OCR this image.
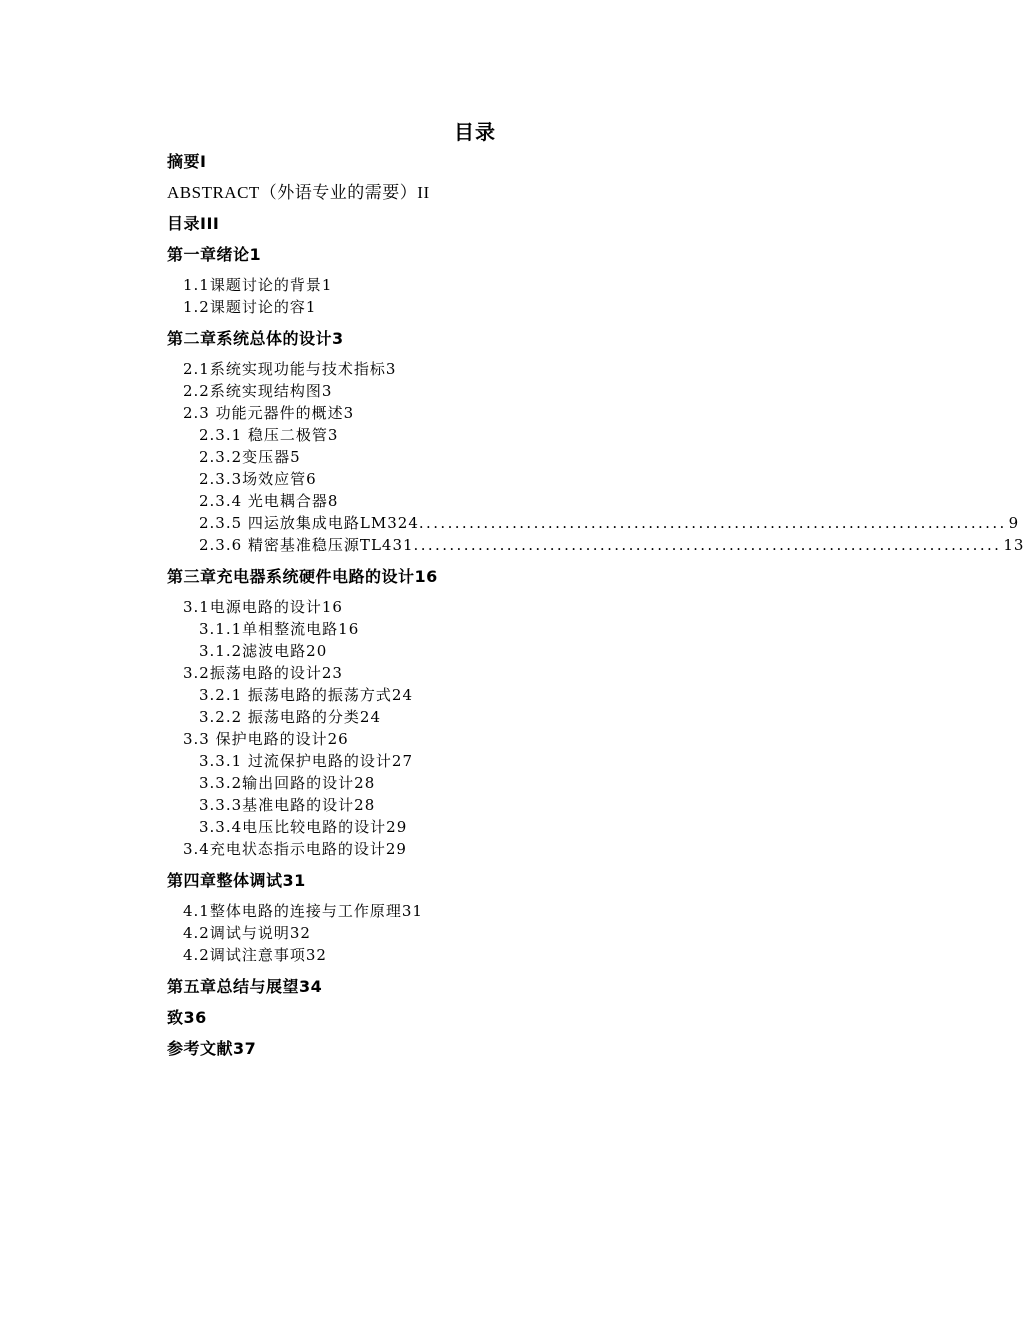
目录
摘要I
ABSTRACT（外语专业的需要）II
目录III
第一章绪论1
1.1课题讨论的背景1
1.2课题讨论的容1
第二章系统总体的设计3
2.1系统实现功能与技术指标3
2.2系统实现结构图3
2.3 功能元器件的概述3
2.3.1 稳压二极管3
2.3.2变压器5
2.3.3场效应管6
2.3.4 光电耦合器8
2.3.5 四运放集成电路LM324 .................................................................................. 9
2.3.6 精密基准稳压源TL431 .................................................................................. 13
第三章充电器系统硬件电路的设计16
3.1电源电路的设计16
3.1.1单相整流电路16
3.1.2滤波电路20
3.2振荡电路的设计23
3.2.1 振荡电路的振荡方式24
3.2.2 振荡电路的分类24
3.3 保护电路的设计26
3.3.1 过流保护电路的设计27
3.3.2输出回路的设计28
3.3.3基准电路的设计28
3.3.4电压比较电路的设计29
3.4充电状态指示电路的设计29
第四章整体调试31
4.1整体电路的连接与工作原理31
4.2调试与说明32
4.2调试注意事项32
第五章总结与展望34
致36
参考文献37
